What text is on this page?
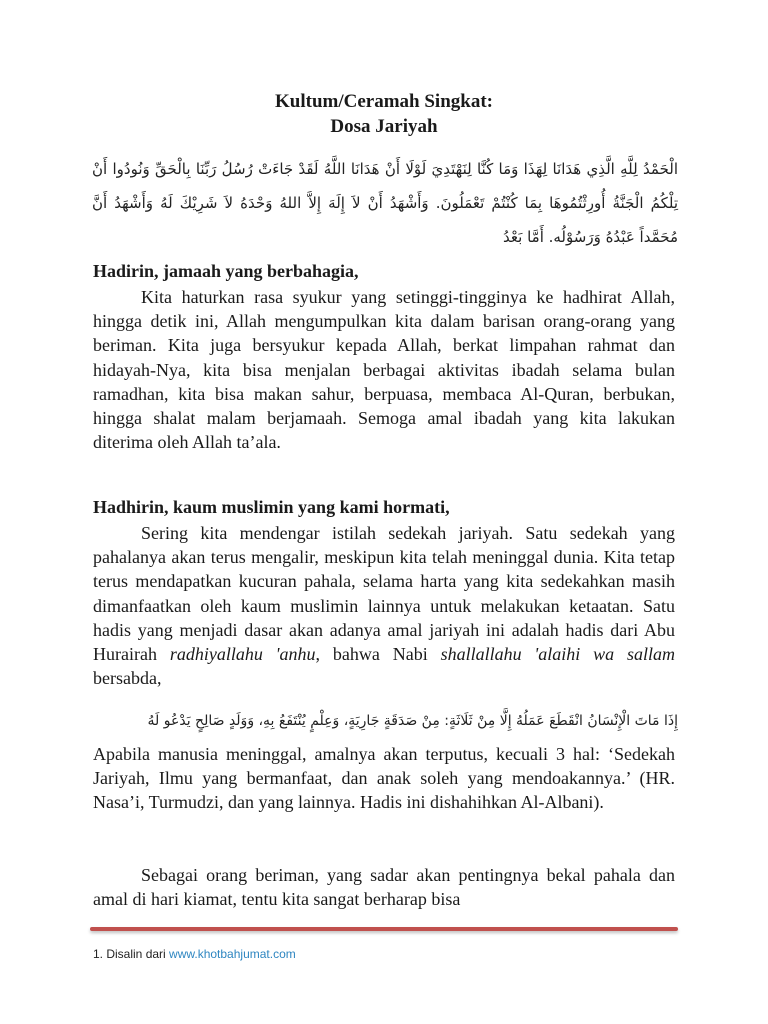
Kultum/Ceramah Singkat:
Dosa Jariyah
الْحَمْدُ لِلَّهِ الَّذِي هَدَانَا لِهَذَا وَمَا كُنَّا لِنَهْتَدِيَ لَوْلَا أَنْ هَدَانَا اللَّهُ لَقَدْ جَاءَتْ رُسُلُ رَبِّنَا بِالْحَقِّ وَنُودُوا أَنْ تِلْكُمُ الْجَنَّةُ أُورِثْتُمُوهَا بِمَا كُنْتُمْ تَعْمَلُونَ. وَأَشْهَدُ أَنْ لاَ إِلَهَ إِلاَّ اللهُ وَحْدَهُ لاَ شَرِيْكَ لَهُ وَأَشْهَدُ أَنَّ مُحَمَّداً عَبْدُهُ وَرَسُوْلُه. أَمَّا بَعْدُ
Hadirin, jamaah yang berbahagia,

Kita haturkan rasa syukur yang setinggi-tingginya ke hadhirat Allah, hingga detik ini, Allah mengumpulkan kita dalam barisan orang-orang yang beriman. Kita juga bersyukur kepada Allah, berkat limpahan rahmat dan hidayah-Nya, kita bisa menjalan berbagai aktivitas ibadah selama bulan ramadhan, kita bisa makan sahur, berpuasa, membaca Al-Quran, berbukan, hingga shalat malam berjamaah. Semoga amal ibadah yang kita lakukan diterima oleh Allah ta’ala.

Hadhirin, kaum muslimin yang kami hormati,

Sering kita mendengar istilah sedekah jariyah. Satu sedekah yang pahalanya akan terus mengalir, meskipun kita telah meninggal dunia. Kita tetap terus mendapatkan kucuran pahala, selama harta yang kita sedekahkan masih dimanfaatkan oleh kaum muslimin lainnya untuk melakukan ketaatan. Satu hadis yang menjadi dasar akan adanya amal jariyah ini adalah hadis dari Abu Hurairah radhiyallahu 'anhu, bahwa Nabi shallallahu 'alaihi wa sallam bersabda,

إِذَا مَاتَ الْإِنْسَانُ انْقَطَعَ عَمَلُهُ إِلَّا مِنْ ثَلَاثَةٍ: مِنْ صَدَقَةٍ جَارِيَةٍ، وَعِلْمٍ يُنْتَفَعُ بِهِ، وَوَلَدٍ صَالِحٍ يَدْعُو لَهُ

Apabila manusia meninggal, amalnya akan terputus, kecuali 3 hal: ‘Sedekah Jariyah, Ilmu yang bermanfaat, dan anak soleh yang mendoakannya.’ (HR. Nasa’i, Turmudzi, dan yang lainnya. Hadis ini dishahihkan Al-Albani).

Sebagai orang beriman, yang sadar akan pentingnya bekal pahala dan amal di hari kiamat, tentu kita sangat berharap bisa

1. Disalin dari www.khotbahjumat.com
